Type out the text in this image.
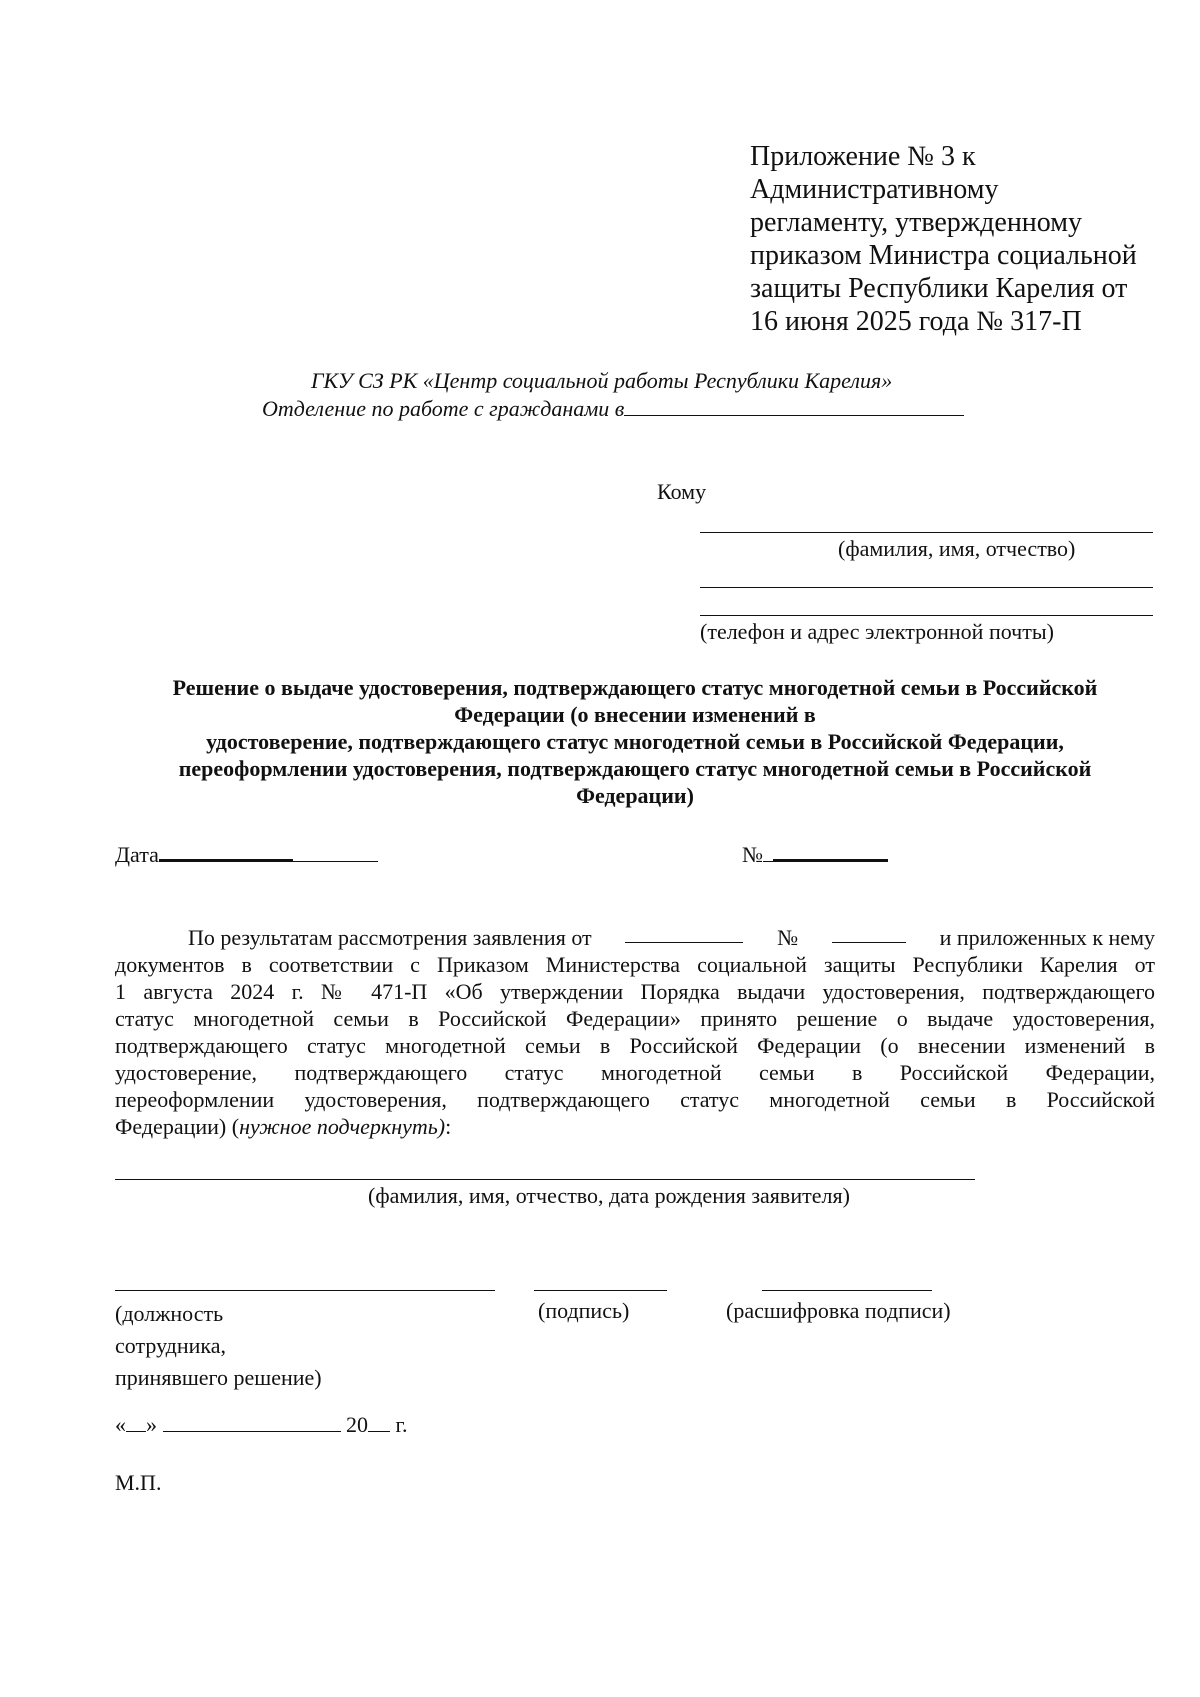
Приложение № 3 к
Административному
регламенту, утвержденному
приказом Министра социальной
защиты Республики Карелия от
16 июня 2025 года № 317-П
ГКУ СЗ РК «Центр социальной работы Республики Карелия»
Отделение по работе с гражданами в
Кому
(фамилия, имя, отчество)
(телефон и адрес электронной почты)
Решение о выдаче удостоверения, подтверждающего статус многодетной семьи в Российской
Федерации (о внесении изменений в
удостоверение, подтверждающего статус многодетной семьи в Российской Федерации,
переоформлении удостоверения, подтверждающего статус многодетной семьи в Российской
Федерации)
Дата	№
По результатам рассмотрения заявления от	№	и приложенных к нему
документов в соответствии с Приказом Министерства социальной защиты Республики Карелия от
1 августа 2024 г. № 471-П «Об утверждении Порядка выдачи удостоверения, подтверждающего
статус многодетной семьи в Российской Федерации» принято решение о выдаче удостоверения,
подтверждающего статус многодетной семьи в Российской Федерации (о внесении изменений в
удостоверение, подтверждающего статус многодетной семьи в Российской Федерации,
переоформлении удостоверения, подтверждающего статус многодетной семьи в Российской
Федерации) ( нужное подчеркнуть) :
(фамилия, имя, отчество, дата рождения заявителя)
(должность
сотрудника,
принявшего решение)
(подпись)	(расшифровка подписи)
« »	20 г.
М.П.
